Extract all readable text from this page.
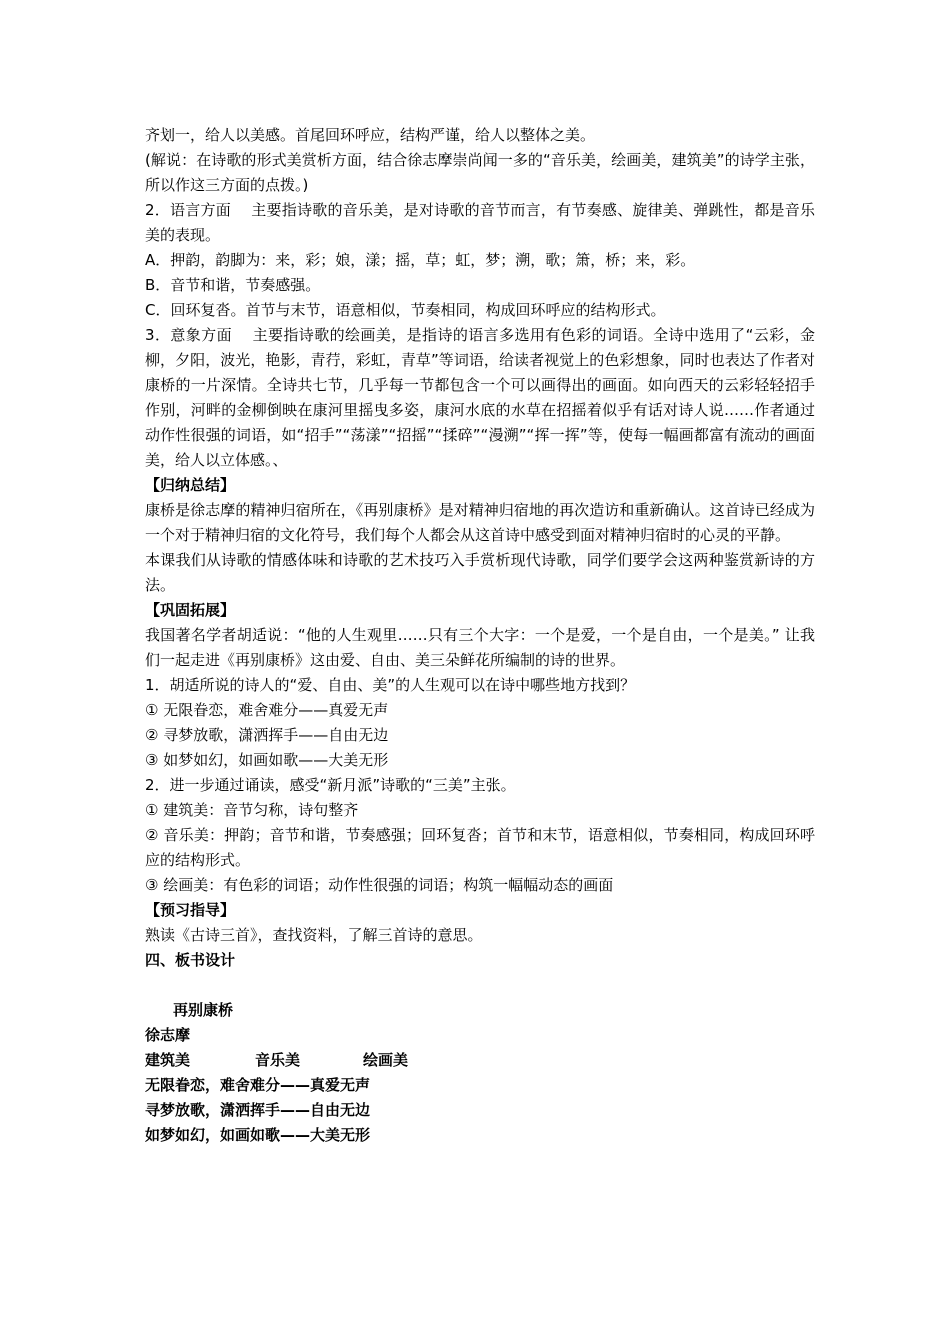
齐划一，给人以美感。首尾回环呼应，结构严谨，给人以整体之美。

(解说：在诗歌的形式美赏析方面，结合徐志摩崇尚闻一多的“音乐美，绘画美，建筑美”的诗学主张，所以作这三方面的点拨。)

2．语言方面　 主要指诗歌的音乐美，是对诗歌的音节而言，有节奏感、旋律美、弹跳性，都是音乐美的表现。

A．押韵，韵脚为：来，彩；娘，漾；摇，草；虹，梦；溯，歌；箫，桥；来，彩。

B．音节和谐，节奏感强。

C．回环复沓。首节与末节，语意相似，节奏相同，构成回环呼应的结构形式。

3．意象方面　 主要指诗歌的绘画美，是指诗的语言多选用有色彩的词语。全诗中选用了“云彩，金柳，夕阳，波光，艳影，青荇，彩虹，青草”等词语，给读者视觉上的色彩想象，同时也表达了作者对康桥的一片深情。全诗共七节，几乎每一节都包含一个可以画得出的画面。如向西天的云彩轻轻招手作别，河畔的金柳倒映在康河里摇曳多姿，康河水底的水草在招摇着似乎有话对诗人说……作者通过动作性很强的词语，如“招手”“荡漾”“招摇”“揉碎”“漫溯”“挥一挥”等，使每一幅画都富有流动的画面美，给人以立体感。、

【归纳总结】

康桥是徐志摩的精神归宿所在，《再别康桥》是对精神归宿地的再次造访和重新确认。这首诗已经成为一个对于精神归宿的文化符号，我们每个人都会从这首诗中感受到面对精神归宿时的心灵的平静。

本课我们从诗歌的情感体味和诗歌的艺术技巧入手赏析现代诗歌，同学们要学会这两种鉴赏新诗的方法。

【巩固拓展】

我国著名学者胡适说：“他的人生观里……只有三个大字：一个是爱，一个是自由，一个是美。” 让我们一起走进《再别康桥》这由爱、自由、美三朵鲜花所编制的诗的世界。

1．胡适所说的诗人的“爱、自由、美”的人生观可以在诗中哪些地方找到？

① 无限眷恋，难舍难分——真爱无声

② 寻梦放歌，潇洒挥手——自由无边

③ 如梦如幻，如画如歌——大美无形

2．进一步通过诵读，感受“新月派”诗歌的“三美”主张。

① 建筑美：音节匀称，诗句整齐

② 音乐美：押韵；音节和谐，节奏感强；回环复沓；首节和末节，语意相似，节奏相同，构成回环呼应的结构形式。

③ 绘画美：有色彩的词语；动作性很强的词语；构筑一幅幅动态的画面

【预习指导】

熟读《古诗三首》，查找资料，了解三首诗的意思。

四、板书设计

再别康桥

徐志摩

建筑美	音乐美	绘画美

无限眷恋，难舍难分——真爱无声

寻梦放歌，潇洒挥手——自由无边

如梦如幻，如画如歌——大美无形
